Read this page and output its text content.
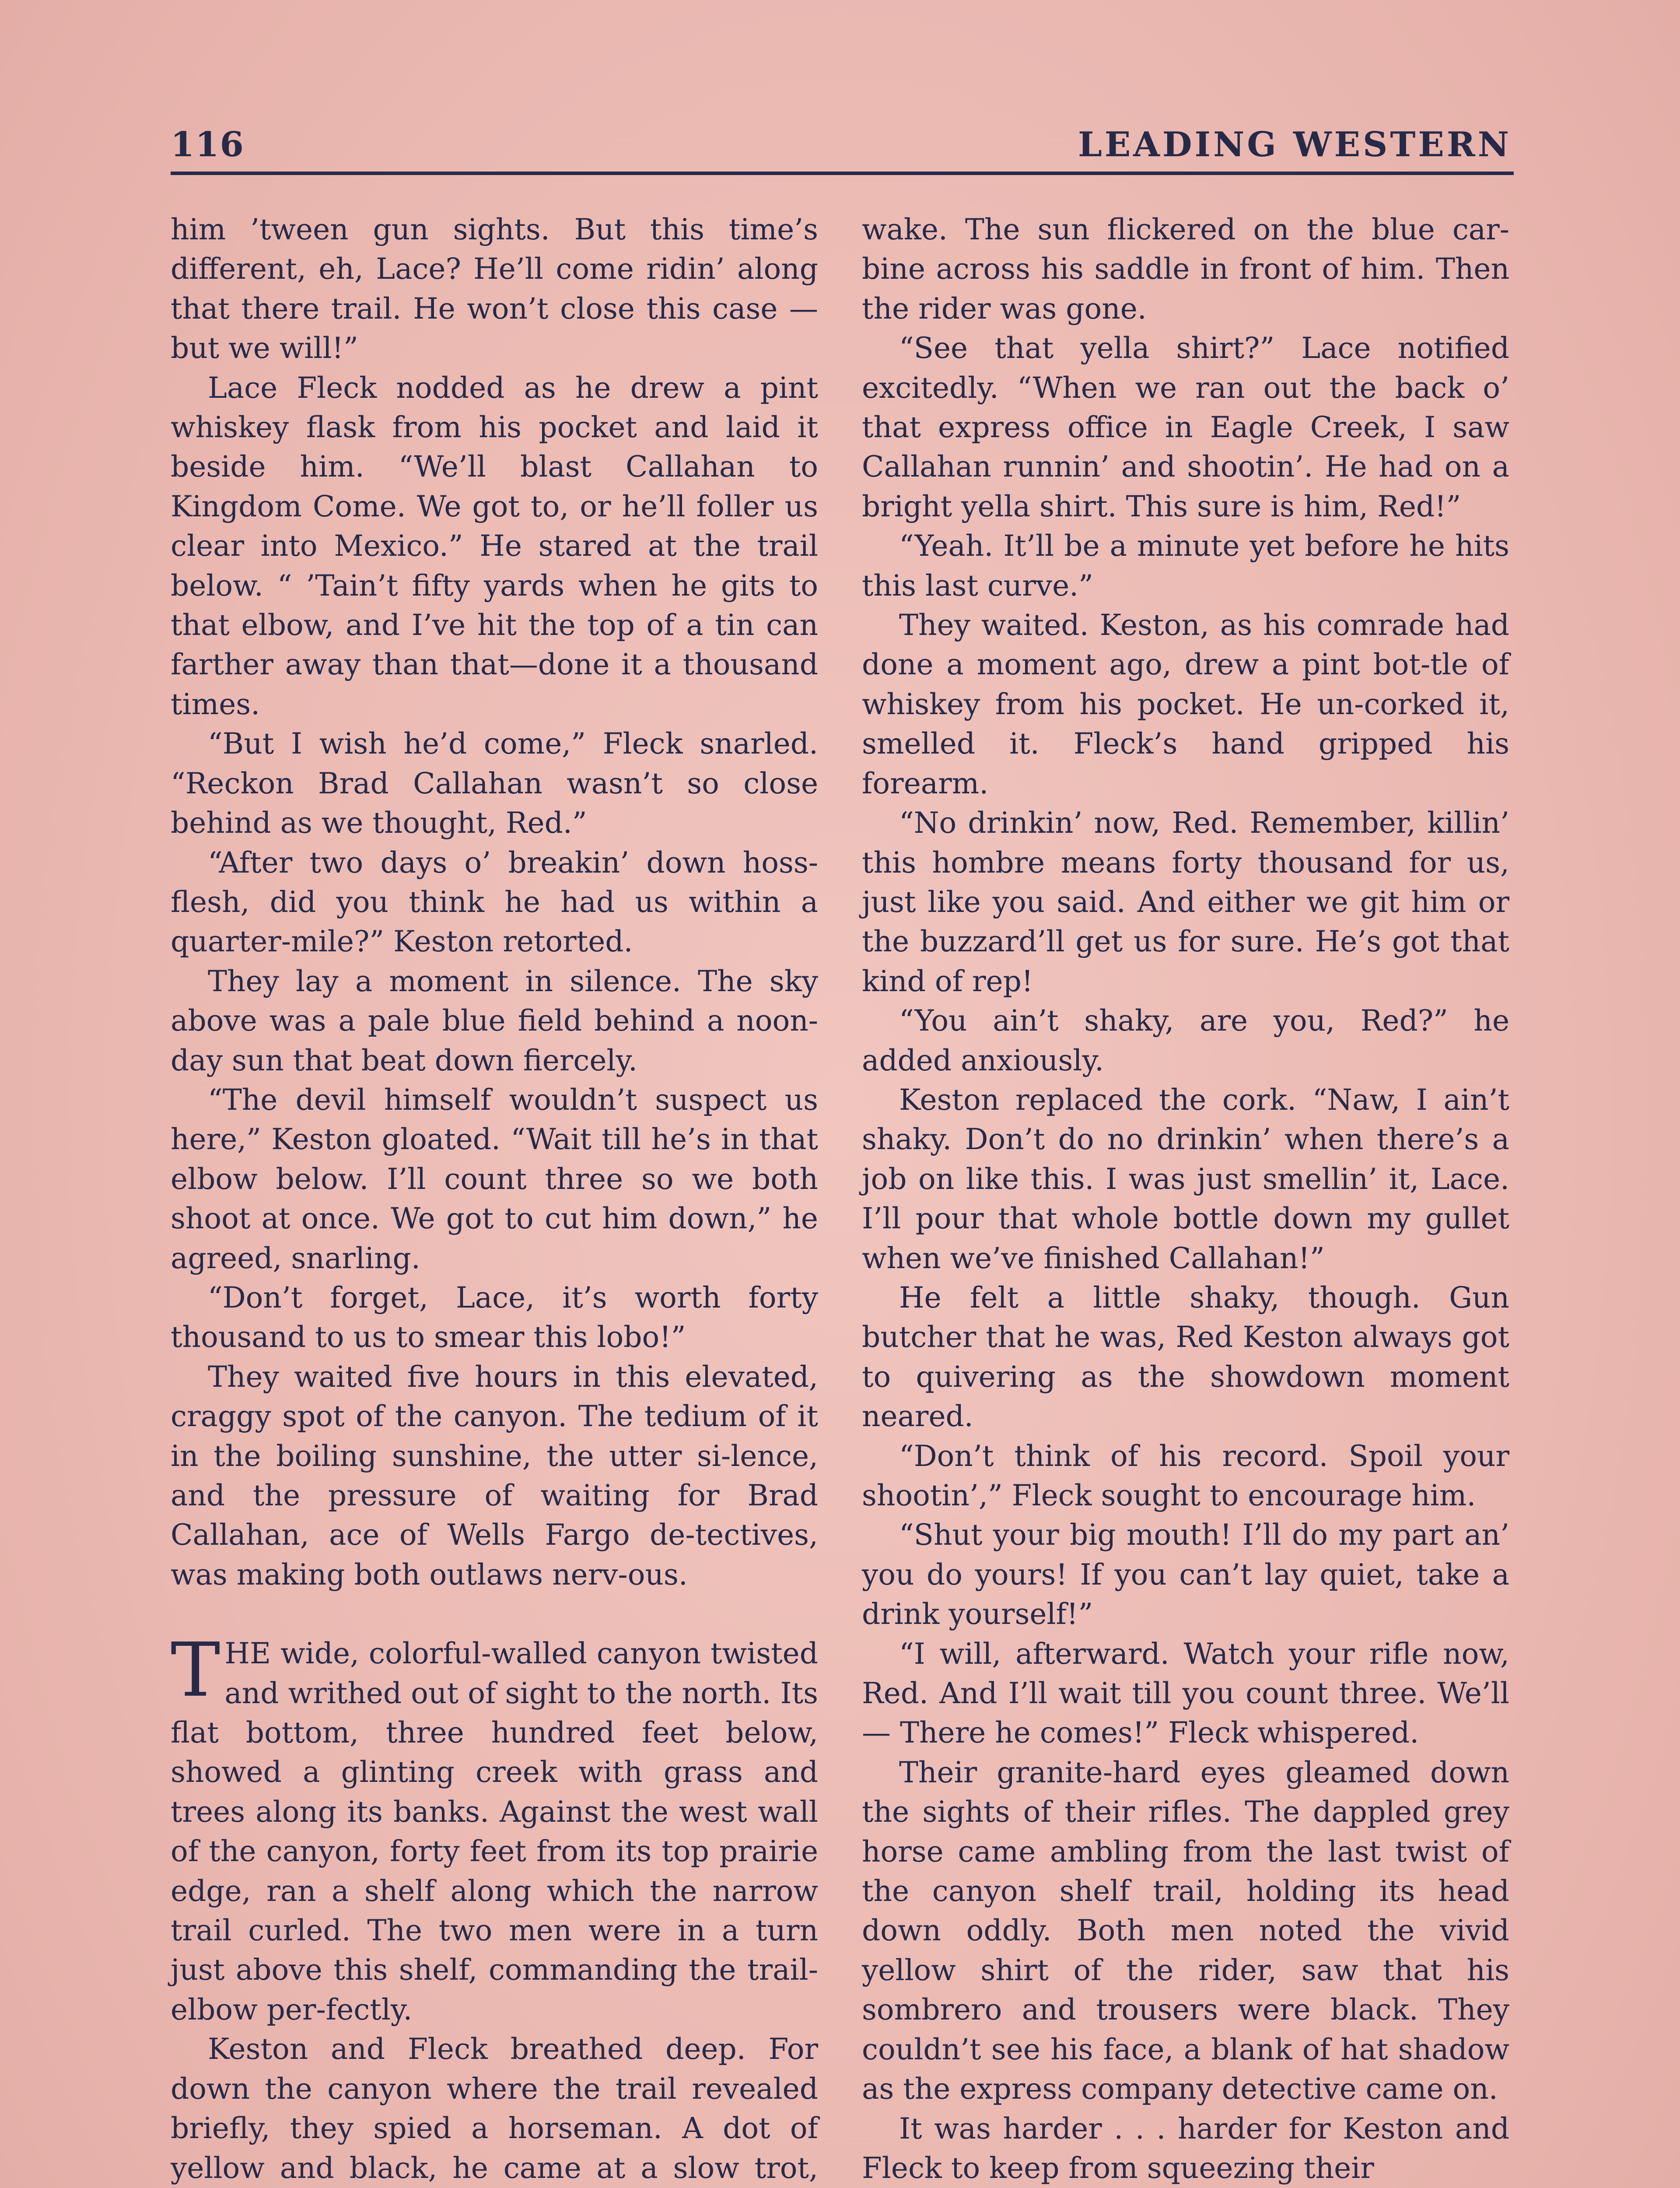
116	LEADING WESTERN

him ’tween gun sights. But this time’s different, eh, Lace? He’ll come ridin’ along that there trail. He won’t close this case —but we will!”

Lace Fleck nodded as he drew a pint whiskey flask from his pocket and laid it beside him. “We’ll blast Callahan to Kingdom Come. We got to, or he’ll foller us clear into Mexico.” He stared at the trail below. “ ’Tain’t fifty yards when he gits to that elbow, and I’ve hit the top of a tin can farther away than that—done it a thousand times.

“But I wish he’d come,” Fleck snarled. “Reckon Brad Callahan wasn’t so close behind as we thought, Red.”

“After two days o’ breakin’ down hoss-flesh, did you think he had us within a quarter-mile?” Keston retorted.

They lay a moment in silence. The sky above was a pale blue field behind a noon-day sun that beat down fiercely.

“The devil himself wouldn’t suspect us here,” Keston gloated. “Wait till he’s in that elbow below. I’ll count three so we both shoot at once. We got to cut him down,” he agreed, snarling.

“Don’t forget, Lace, it’s worth forty thousand to us to smear this lobo!”

They waited five hours in this elevated, craggy spot of the canyon. The tedium of it in the boiling sunshine, the utter si-lence, and the pressure of waiting for Brad Callahan, ace of Wells Fargo de-tectives, was making both outlaws nerv-ous.

THE wide, colorful-walled canyon twisted and writhed out of sight to the north. Its flat bottom, three hundred feet below, showed a glinting creek with grass and trees along its banks. Against the west wall of the canyon, forty feet from its top prairie edge, ran a shelf along which the narrow trail curled. The two men were in a turn just above this shelf, commanding the trail-elbow per-fectly.

Keston and Fleck breathed deep. For down the canyon where the trail revealed briefly, they spied a horseman. A dot of yellow and black, he came at a slow trot,

wake. The sun flickered on the blue car-bine across his saddle in front of him. Then the rider was gone.

“See that yella shirt?” Lace notified excitedly. “When we ran out the back o’ that express office in Eagle Creek, I saw Callahan runnin’ and shootin’. He had on a bright yella shirt. This sure is him, Red!”

“Yeah. It’ll be a minute yet before he hits this last curve.”

They waited. Keston, as his comrade had done a moment ago, drew a pint bot-tle of whiskey from his pocket. He un-corked it, smelled it. Fleck’s hand gripped his forearm.

“No drinkin’ now, Red. Remember, killin’ this hombre means forty thousand for us, just like you said. And either we git him or the buzzard’ll get us for sure. He’s got that kind of rep!

“You ain’t shaky, are you, Red?” he added anxiously.

Keston replaced the cork. “Naw, I ain’t shaky. Don’t do no drinkin’ when there’s a job on like this. I was just smellin’ it, Lace. I’ll pour that whole bottle down my gullet when we’ve finished Callahan!”

He felt a little shaky, though. Gun butcher that he was, Red Keston always got to quivering as the showdown moment neared.

“Don’t think of his record. Spoil your shootin’,” Fleck sought to encourage him.

“Shut your big mouth! I’ll do my part an’ you do yours! If you can’t lay quiet, take a drink yourself!”

“I will, afterward. Watch your rifle now, Red. And I’ll wait till you count three. We’ll— There he comes!” Fleck whispered.

Their granite-hard eyes gleamed down the sights of their rifles. The dappled grey horse came ambling from the last twist of the canyon shelf trail, holding its head down oddly. Both men noted the vivid yellow shirt of the rider, saw that his sombrero and trousers were black. They couldn’t see his face, a blank of hat shadow as the express company detective came on.

It was harder . . . harder for Keston and Fleck to keep from squeezing their
